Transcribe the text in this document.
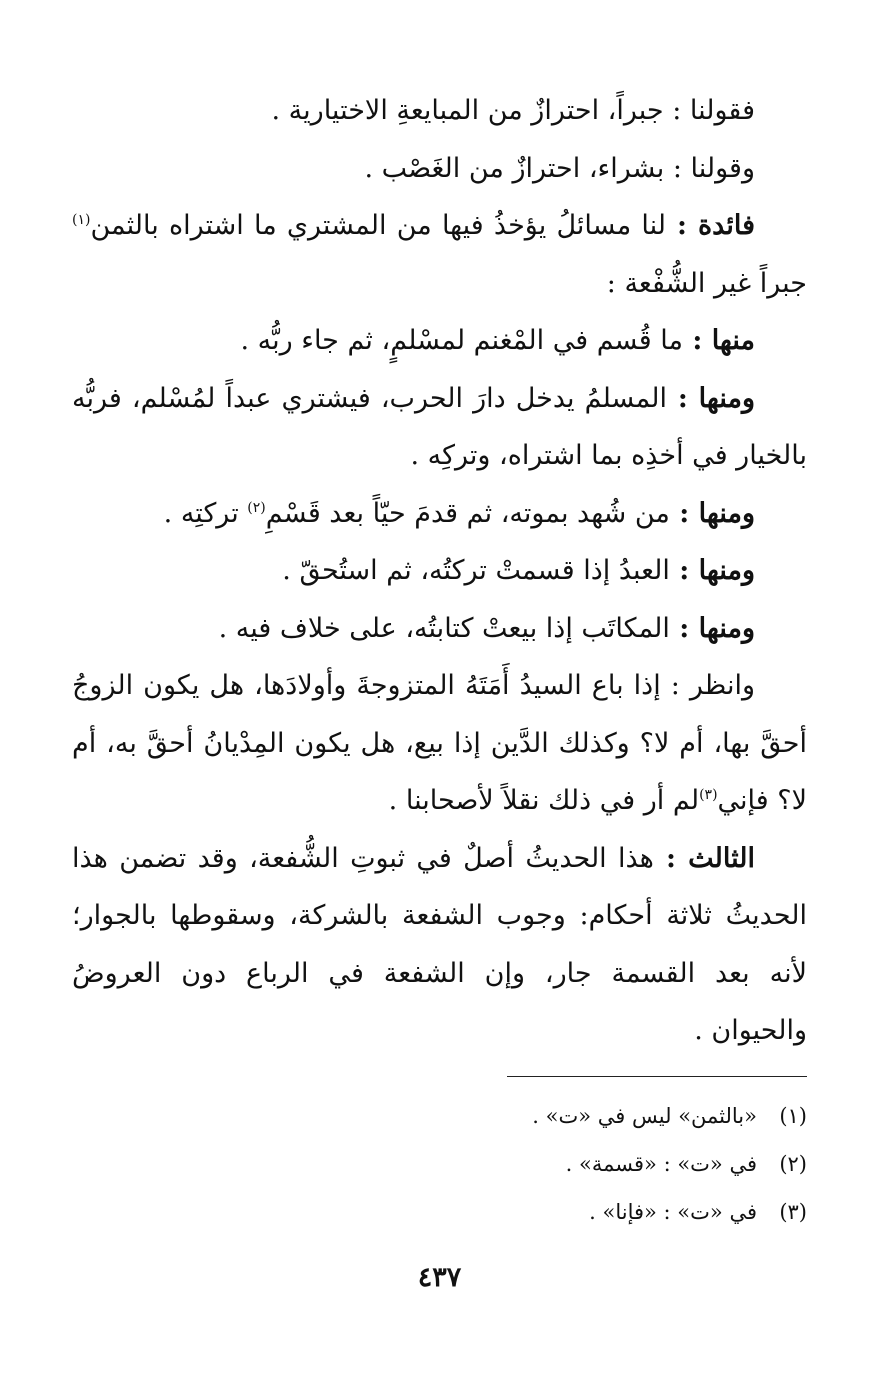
فقولنا : جبراً، احترازٌ من المبايعةِ الاختيارية .

وقولنا : بشراء، احترازٌ من الغَصْب .

فائدة : لنا مسائلُ يؤخذُ فيها من المشتري ما اشتراه بالثمن$^{(١)}$ جبراً غير الشُّفْعة :

منها : ما قُسم في المْغنم لمسْلمٍ، ثم جاء ربُّه .

ومنها : المسلمُ يدخل دارَ الحرب، فيشتري عبداً لمُسْلم، فربُّه بالخيار في أخذِه بما اشتراه، وتركِه .

ومنها : من شُهد بموته، ثم قدمَ حيّاً بعد قَسْمِ$^{(٢)}$ تركتِه .

ومنها : العبدُ إذا قسمتْ تركتُه، ثم استُحقّ .

ومنها : المكاتَب إذا بيعتْ كتابتُه، على خلاف فيه .

وانظر : إذا باع السيدُ أَمَتَهُ المتزوجةَ وأولادَها، هل يكون الزوجُ أحقَّ بها، أم لا؟ وكذلك الدَّين إذا بيع، هل يكون المِدْيانُ أحقَّ به، أم لا؟ فإني$^{(٣)}$لم أر في ذلك نقلاً لأصحابنا .

الثالث : هذا الحديثُ أصلٌ في ثبوتِ الشُّفعة، وقد تضمن هذا الحديثُ ثلاثة أحكام: وجوب الشفعة بالشركة، وسقوطها بالجوار؛ لأنه بعد القسمة جار، وإن الشفعة في الرباع دون العروضُ والحيوان .

(١)
«بالثمن» ليس في «ت» .
(٢)
في «ت» : «قسمة» .
(٣)
في «ت» : «فإنا» .
٤٣٧
